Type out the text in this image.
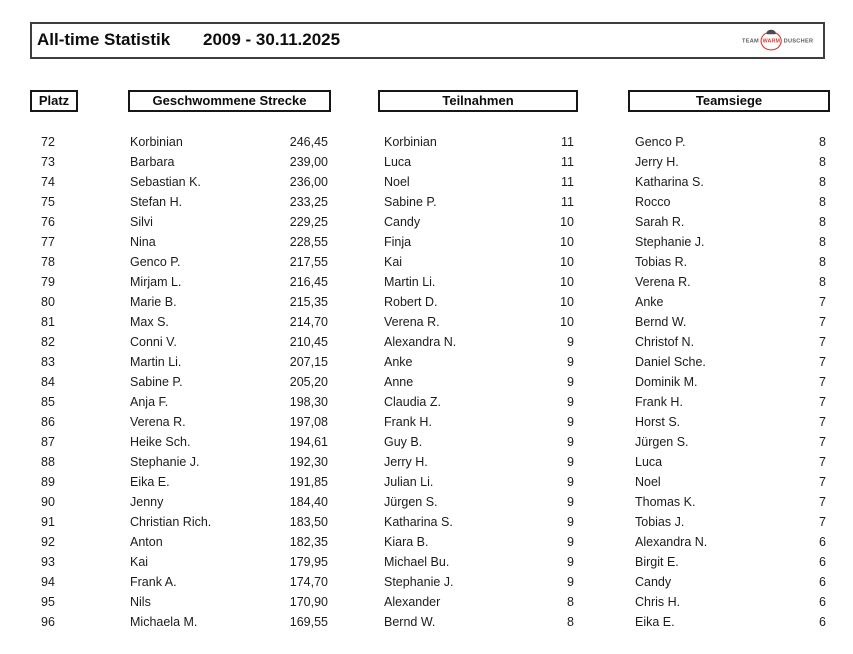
All-time Statistik 2009 - 30.11.2025	TEAM WARM DUSCHER
Platz	Geschwommene Strecke	Teilnahmen	Teamsiege
72	Korbinian	246,45	Korbinian	11	Genco P.	8
73	Barbara	239,00	Luca	11	Jerry H.	8
74	Sebastian K.	236,00	Noel	11	Katharina S.	8
75	Stefan H.	233,25	Sabine P.	11	Rocco	8
76	Silvi	229,25	Candy	10	Sarah R.	8
77	Nina	228,55	Finja	10	Stephanie J.	8
78	Genco P.	217,55	Kai	10	Tobias R.	8
79	Mirjam L.	216,45	Martin Li.	10	Verena R.	8
80	Marie B.	215,35	Robert D.	10	Anke	7
81	Max S.	214,70	Verena R.	10	Bernd W.	7
82	Conni V.	210,45	Alexandra N.	9	Christof N.	7
83	Martin Li.	207,15	Anke	9	Daniel Sche.	7
84	Sabine P.	205,20	Anne	9	Dominik M.	7
85	Anja F.	198,30	Claudia Z.	9	Frank H.	7
86	Verena R.	197,08	Frank H.	9	Horst S.	7
87	Heike Sch.	194,61	Guy B.	9	Jürgen S.	7
88	Stephanie J.	192,30	Jerry H.	9	Luca	7
89	Eika E.	191,85	Julian Li.	9	Noel	7
90	Jenny	184,40	Jürgen S.	9	Thomas K.	7
91	Christian Rich.	183,50	Katharina S.	9	Tobias J.	7
92	Anton	182,35	Kiara B.	9	Alexandra N.	6
93	Kai	179,95	Michael Bu.	9	Birgit E.	6
94	Frank A.	174,70	Stephanie J.	9	Candy	6
95	Nils	170,90	Alexander	8	Chris H.	6
96	Michaela M.	169,55	Bernd W.	8	Eika E.	6
